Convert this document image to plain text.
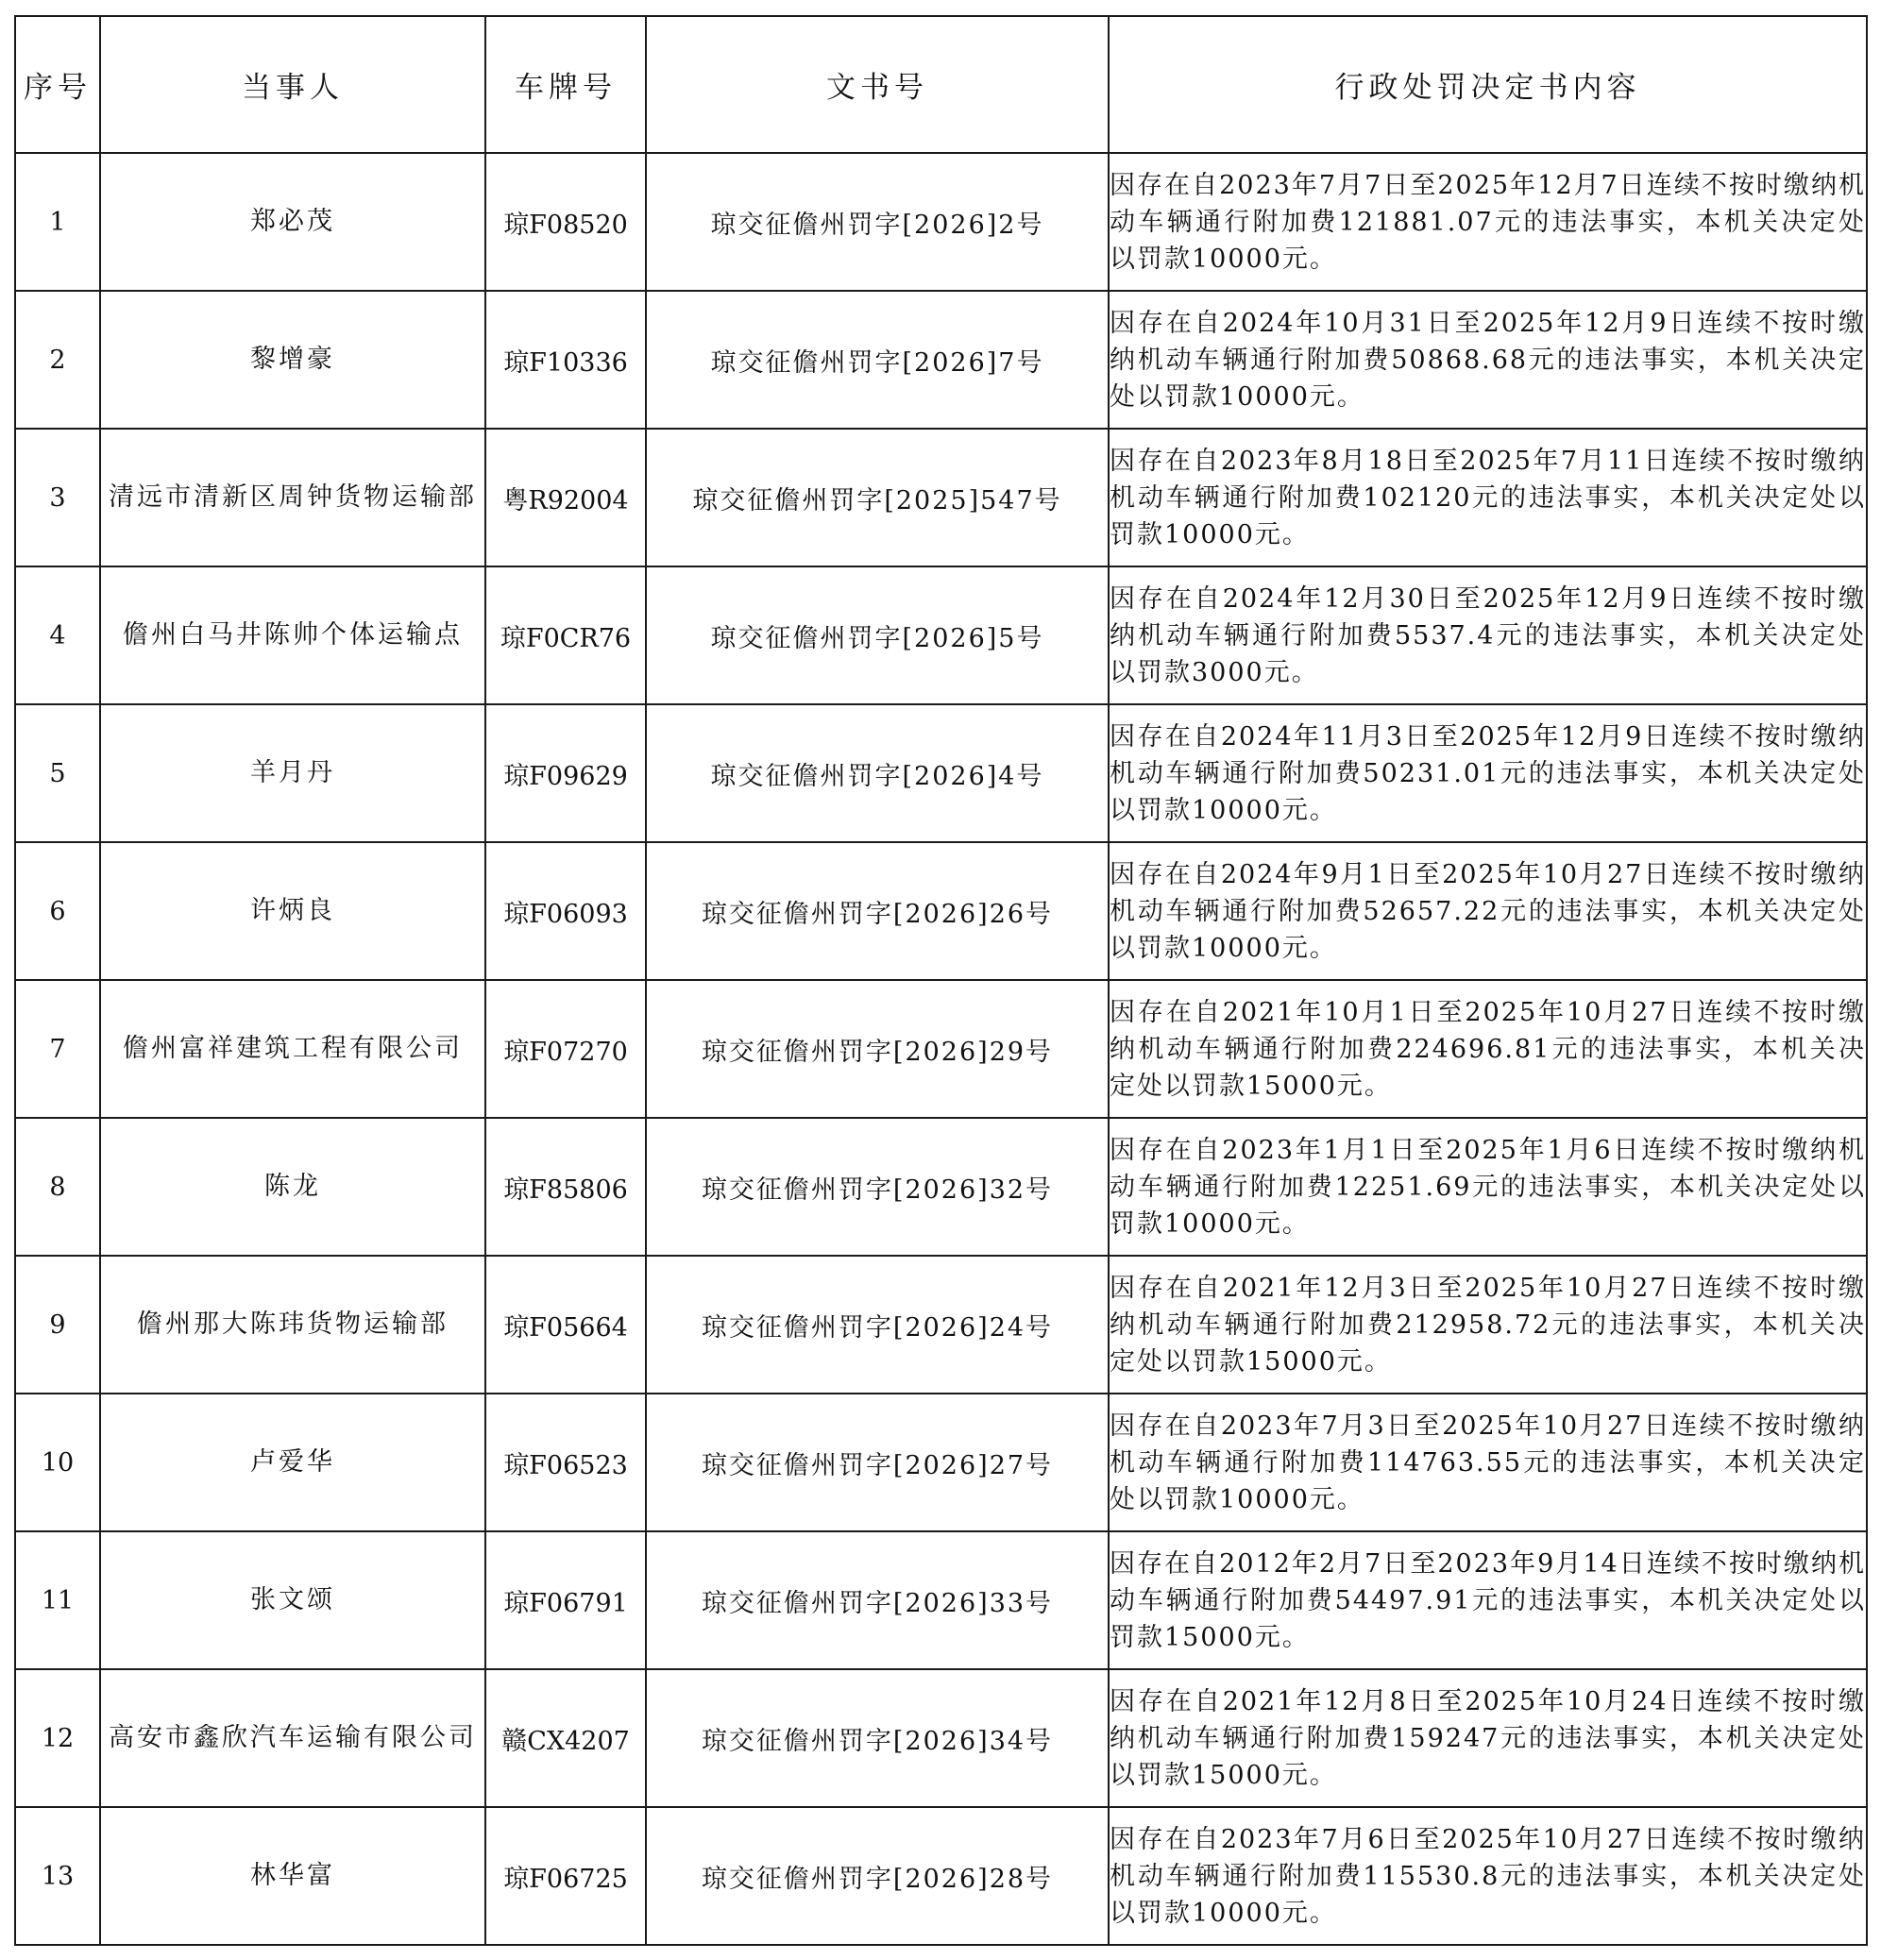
序号	当事人	车牌号	文书号	行政处罚决定书内容
1	郑必茂	琼F08520	琼交征儋州罚字[2026]2号	因存在自2023年7月7日至2025年12月7日连续不按时缴纳机动车辆通行附加费121881.07元的违法事实，本机关决定处以罚款10000元。
2	黎增豪	琼F10336	琼交征儋州罚字[2026]7号	因存在自2024年10月31日至2025年12月9日连续不按时缴纳机动车辆通行附加费50868.68元的违法事实，本机关决定处以罚款10000元。
3	清远市清新区周钟货物运输部	粤R92004	琼交征儋州罚字[2025]547号	因存在自2023年8月18日至2025年7月11日连续不按时缴纳机动车辆通行附加费102120元的违法事实，本机关决定处以罚款10000元。
4	儋州白马井陈帅个体运输点	琼F0CR76	琼交征儋州罚字[2026]5号	因存在自2024年12月30日至2025年12月9日连续不按时缴纳机动车辆通行附加费5537.4元的违法事实，本机关决定处以罚款3000元。
5	羊月丹	琼F09629	琼交征儋州罚字[2026]4号	因存在自2024年11月3日至2025年12月9日连续不按时缴纳机动车辆通行附加费50231.01元的违法事实，本机关决定处以罚款10000元。
6	许炳良	琼F06093	琼交征儋州罚字[2026]26号	因存在自2024年9月1日至2025年10月27日连续不按时缴纳机动车辆通行附加费52657.22元的违法事实，本机关决定处以罚款10000元。
7	儋州富祥建筑工程有限公司	琼F07270	琼交征儋州罚字[2026]29号	因存在自2021年10月1日至2025年10月27日连续不按时缴纳机动车辆通行附加费224696.81元的违法事实，本机关决定处以罚款15000元。
8	陈龙	琼F85806	琼交征儋州罚字[2026]32号	因存在自2023年1月1日至2025年1月6日连续不按时缴纳机动车辆通行附加费12251.69元的违法事实，本机关决定处以罚款10000元。
9	儋州那大陈玮货物运输部	琼F05664	琼交征儋州罚字[2026]24号	因存在自2021年12月3日至2025年10月27日连续不按时缴纳机动车辆通行附加费212958.72元的违法事实，本机关决定处以罚款15000元。
10	卢爱华	琼F06523	琼交征儋州罚字[2026]27号	因存在自2023年7月3日至2025年10月27日连续不按时缴纳机动车辆通行附加费114763.55元的违法事实，本机关决定处以罚款10000元。
11	张文颂	琼F06791	琼交征儋州罚字[2026]33号	因存在自2012年2月7日至2023年9月14日连续不按时缴纳机动车辆通行附加费54497.91元的违法事实，本机关决定处以罚款15000元。
12	高安市鑫欣汽车运输有限公司	赣CX4207	琼交征儋州罚字[2026]34号	因存在自2021年12月8日至2025年10月24日连续不按时缴纳机动车辆通行附加费159247元的违法事实，本机关决定处以罚款15000元。
13	林华富	琼F06725	琼交征儋州罚字[2026]28号	因存在自2023年7月6日至2025年10月27日连续不按时缴纳机动车辆通行附加费115530.8元的违法事实，本机关决定处以罚款10000元。
